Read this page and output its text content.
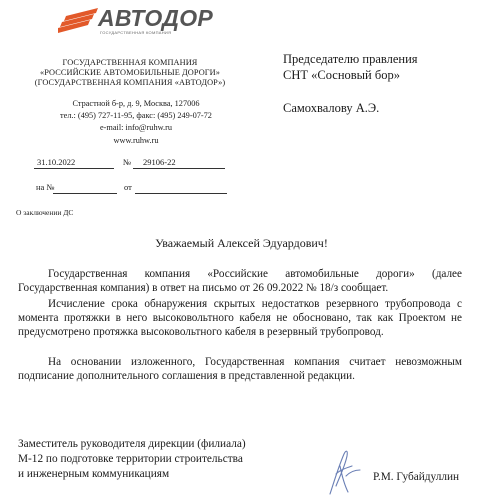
АВТОДОР
ГОСУДАРСТВЕННАЯ КОМПАНИЯ
ГОСУДАРСТВЕННАЯ КОМПАНИЯ
«РОССИЙСКИЕ АВТОМОБИЛЬНЫЕ ДОРОГИ»
(ГОСУДАРСТВЕННАЯ КОМПАНИЯ «АВТОДОР»)
Страстной б-р, д. 9, Москва, 127006
тел.: (495) 727-11-95, факс: (495) 249-07-72
e-mail: info@ruhw.ru
www.ruhw.ru
31.10.2022	№ 29106-22
на №	от
Председателю правления
СНТ «Сосновый бор»
Самохвалову А.Э.
О заключении ДС
Уважаемый Алексей Эдуардович!
Государственная компания «Российские автомобильные дороги» (далее Государственная компания) в ответ на письмо от 26 09.2022 № 18/з сообщает.
Исчисление срока обнаружения скрытых недостатков резервного трубопровода с момента протяжки в него высоковольтного кабеля не обосновано, так как Проектом не предусмотрено протяжка высоковольтного кабеля в резервный трубопровод.
На основании изложенного, Государственная компания считает невозможным подписание дополнительного соглашения в представленной редакции.
Заместитель руководителя дирекции (филиала)
М-12 по подготовке территории строительства
и инженерным коммуникациям	Р.М. Губайдуллин
